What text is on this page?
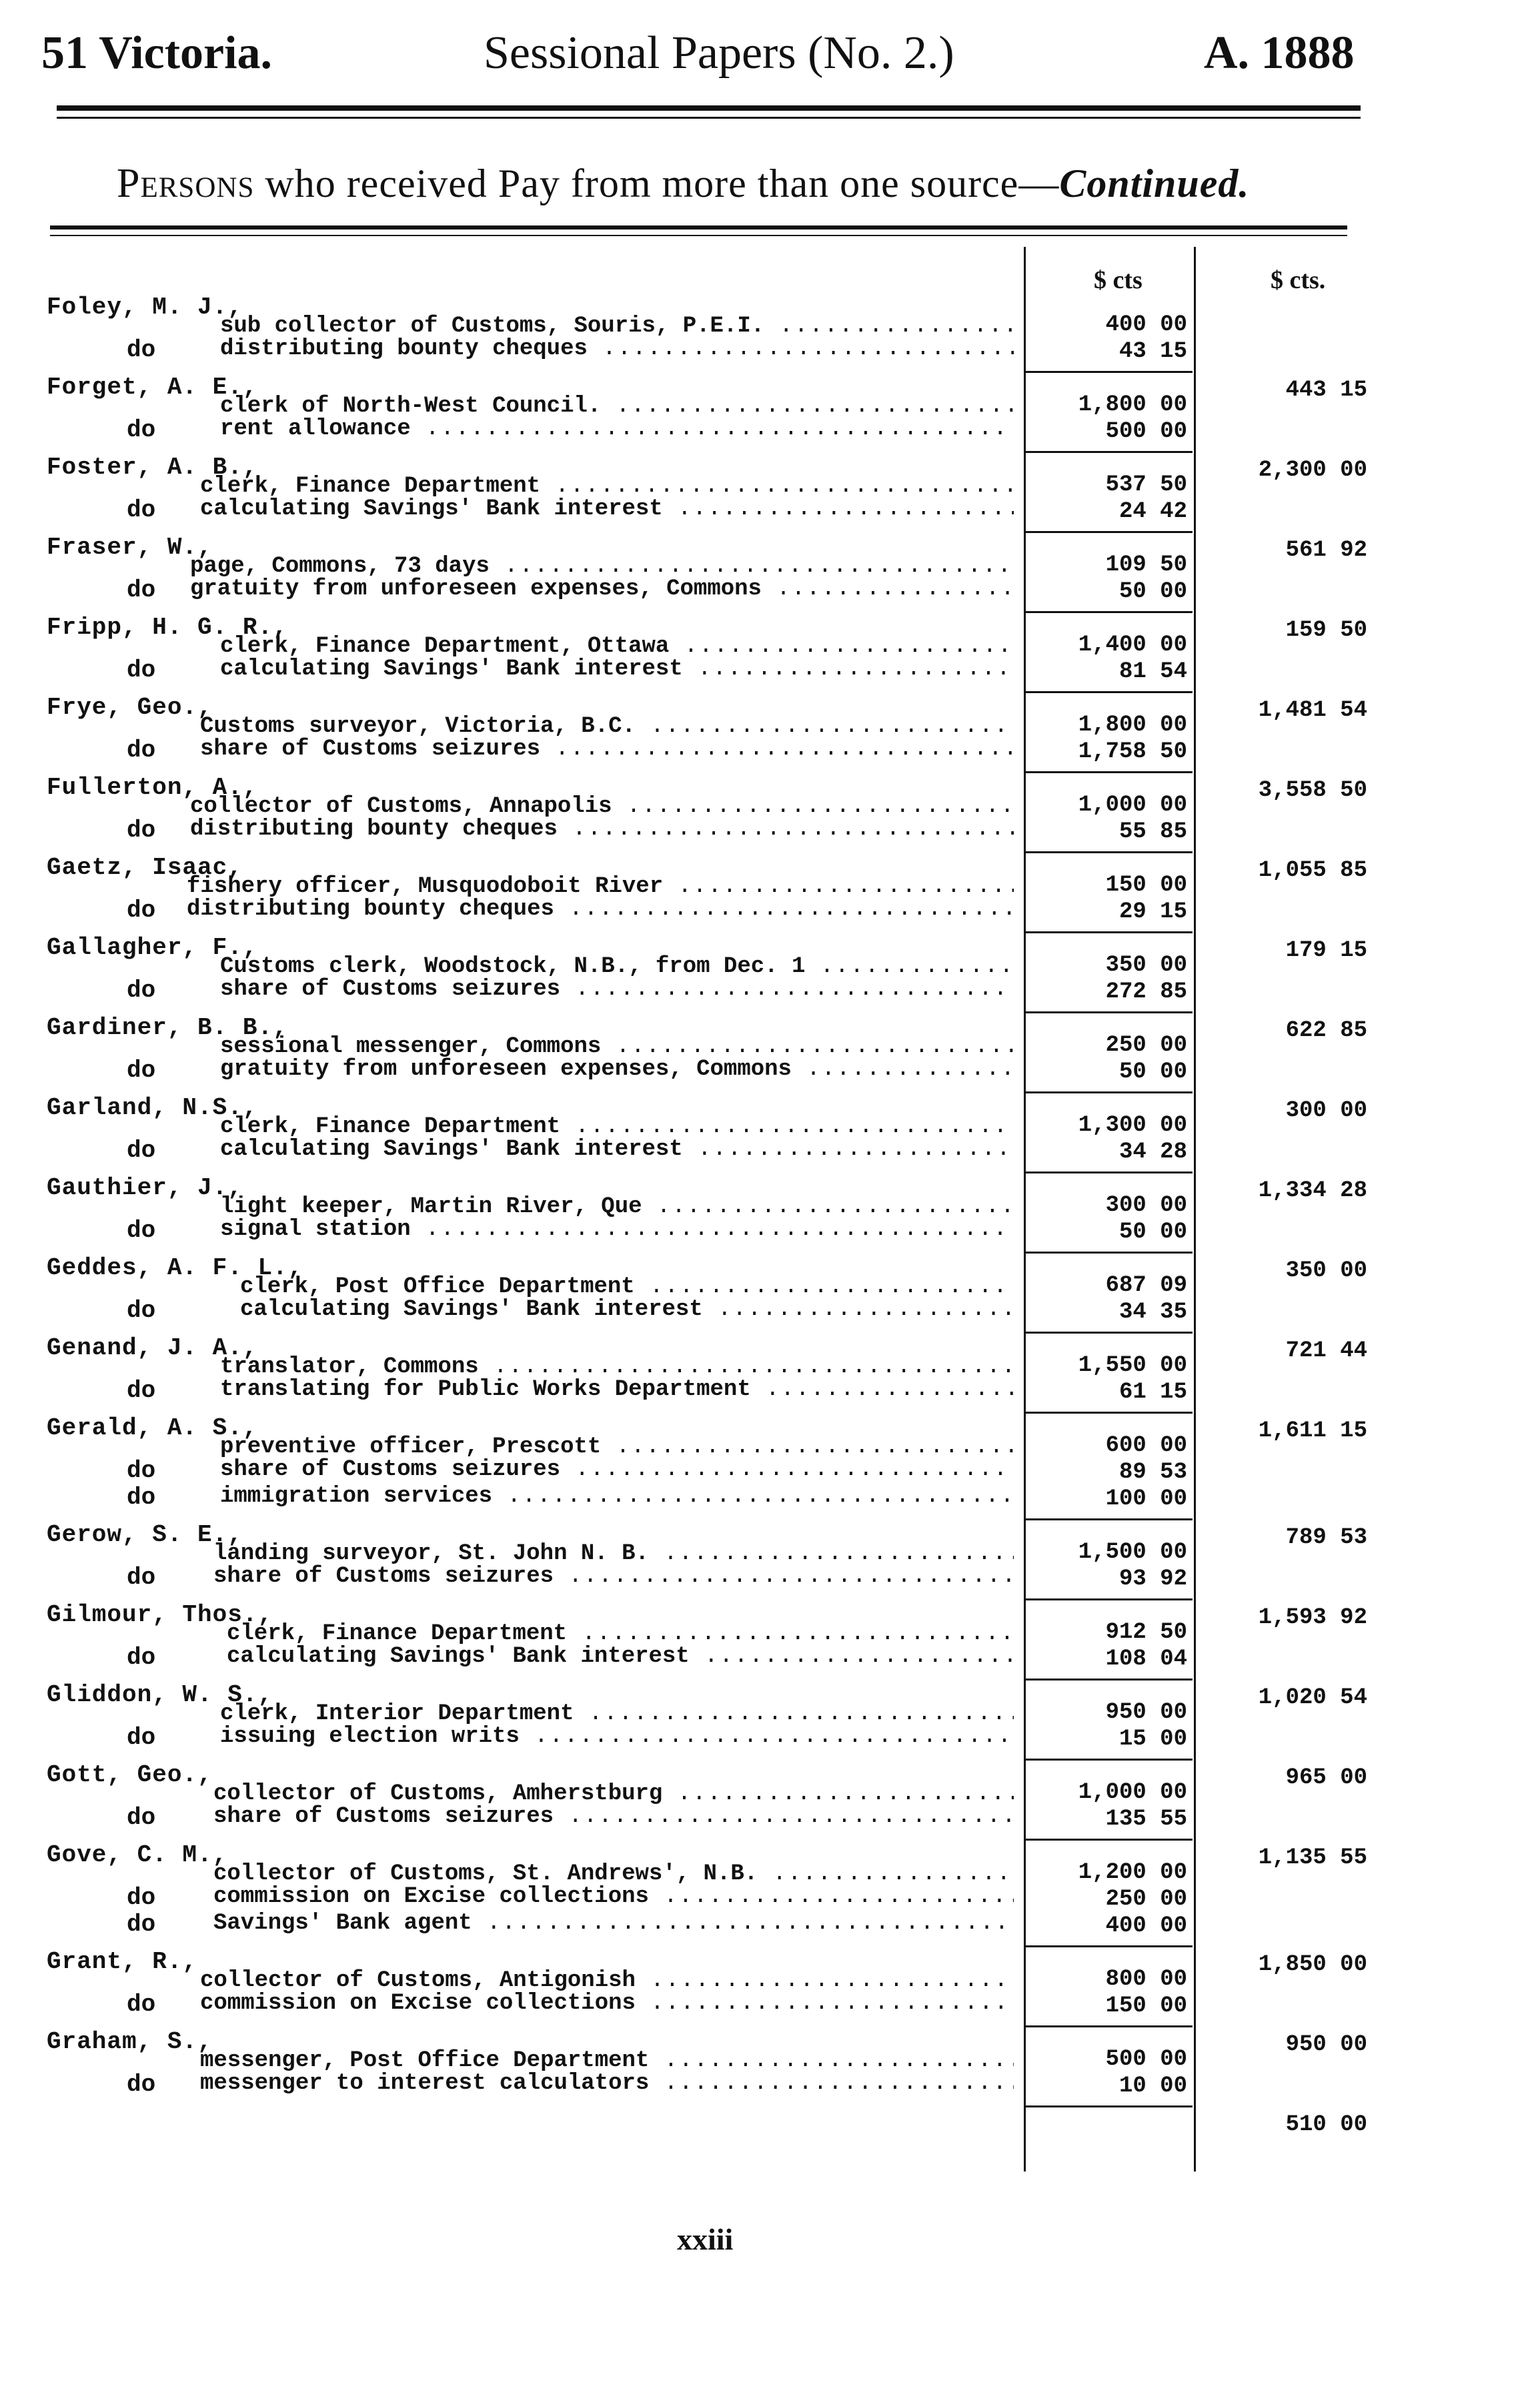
51 Victoria.	Sessional Papers (No. 2.)	A. 1888
Persons who received Pay from more than one source—Continued.
$ cts	$ cts.
Foley, M. J.,
sub collector of Customs, Souris, P.E.I. .....	400 00
do	distributing bounty cheques .....	43 15
443 15
Forget, A. E.,
clerk of North-West Council. .....	1,800 00
do	rent allowance .....	500 00
2,300 00
Foster, A. B.,
clerk, Finance Department .....	537 50
do calculating Savings' Bank interest .....	24 42
561 92
Fraser, W.,
page, Commons, 73 days .....	109 50
do gratuity from unforeseen expenses, Commons .....	50 00
159 50
Fripp, H. G. R.,
clerk, Finance Department, Ottawa .....	1,400 00
do	calculating Savings' Bank interest .....	81 54
1,481 54
Frye, Geo.,
Customs surveyor, Victoria, B.C. .....	1,800 00
do share of Customs seizures .....	1,758 50
3,558 50
Fullerton, A.,
collector of Customs, Annapolis .....	1,000 00
do distributing bounty cheques .....	55 85
1,055 85
Gaetz, Isaac,
fishery officer, Musquodoboit River .....	150 00
do distributing bounty cheques .....	29 15
179 15
Gallagher, F.,
Customs clerk, Woodstock, N.B., from Dec. 1 .....	350 00
do	share of Customs seizures .....	272 85
622 85
Gardiner, B. B.,
sessional messenger, Commons .....	250 00
do	gratuity from unforeseen expenses, Commons .....	50 00
300 00
Garland, N.S.,
clerk, Finance Department .....	1,300 00
do	calculating Savings' Bank interest .....	34 28
1,334 28
Gauthier, J.,
light keeper, Martin River, Que .....	300 00
do	signal station .....	50 00
350 00
Geddes, A. F. L.,
clerk, Post Office Department .....	687 09
do	calculating Savings' Bank interest .....	34 35
721 44
Genand, J. A.,
translator, Commons .....	1,550 00
do	translating for Public Works Department .....	61 15
1,611 15
Gerald, A. S.,
preventive officer, Prescott .....	600 00
do	share of Customs seizures .....	89 53
do	immigration services .....	100 00
789 53
Gerow, S. E.,
landing surveyor, St. John N. B. .....	1,500 00
do	share of Customs seizures .....	93 92
1,593 92
Gilmour, Thos.,
clerk, Finance Department .....	912 50
do	calculating Savings' Bank interest .....	108 04
1,020 54
Gliddon, W. S.,
clerk, Interior Department .....	950 00
do	issuing election writs .....	15 00
965 00
Gott, Geo.,
collector of Customs, Amherstburg .....	1,000 00
do	share of Customs seizures .....	135 55
1,135 55
Gove, C. M.,
collector of Customs, St. Andrews', N.B. .....	1,200 00
do	commission on Excise collections .....	250 00
do	Savings' Bank agent .....	400 00
1,850 00
Grant, R.,
collector of Customs, Antigonish .....	800 00
do commission on Excise collections .....	150 00
950 00
Graham, S.,
messenger, Post Office Department .....	500 00
do messenger to interest calculators .....	10 00
510 00
xxiii
